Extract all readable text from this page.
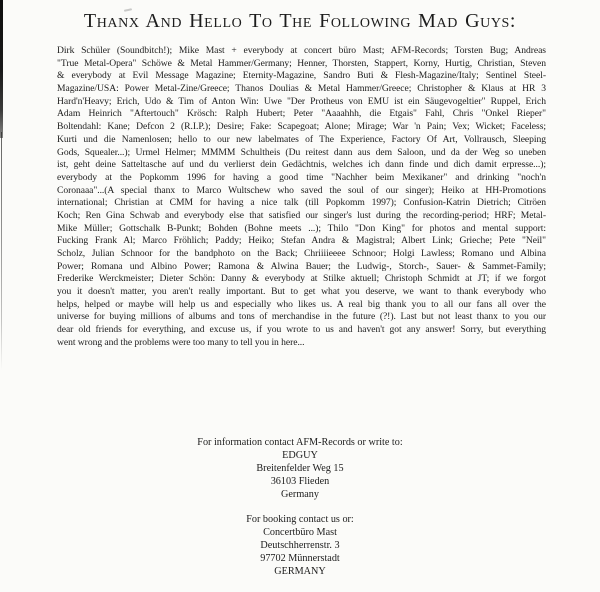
Thanx And Hello To The Following Mad Guys:
Dirk Schüler (Soundbitch!); Mike Mast + everybody at concert büro Mast; AFM-Records; Torsten Bug; Andreas
"True Metal-Opera" Schöwe & Metal Hammer/Germany; Henner, Thorsten, Stappert, Korny, Hurtig, Christian, Steven
& everybody at Evil Message Magazine; Eternity-Magazine, Sandro Buti & Flesh-Magazine/Italy; Sentinel Steel-
Magazine/USA: Power Metal-Zine/Greece; Thanos Doulias & Metal Hammer/Greece; Christopher & Klaus at HR 3
Hard'n'Heavy; Erich, Udo & Tim of Anton Win: Uwe "Der Protheus von EMU ist ein Säugevogeltier" Ruppel, Erich
Adam Heinrich "Aftertouch" Krösch: Ralph Hubert; Peter "Aaaahhh, die Etgais" Fahl, Chris "Onkel Rieper"
Boltendahl: Kane; Defcon 2 (R.I.P.); Desire; Fake: Scapegoat; Alone; Mirage; War 'n Pain; Vex; Wicket; Faceless;
Kurti und die Namenlosen; hello to our new labelmates of The Experience, Factory Of Art, Vollrausch, Sleeping
Gods, Squealer...); Urmel Helmer; MMMM Schultheis (Du reitest dann aus dem Saloon, und da der Weg so uneben
ist, geht deine Satteltasche auf und du verlierst dein Gedächtnis, welches ich dann finde und dich damit erpresse...);
everybody at the Popkomm 1996 for having a good time "Nachher beim Mexikaner" and drinking "noch'n
Coronaaa"...(A special thanx to Marco Wultschew who saved the soul of our singer); Heiko at HH-Promotions
international; Christian at CMM for having a nice talk (till Popkomm 1997); Confusion-Katrin Dietrich; Citröen
Koch; Ren Gina Schwab and everybody else that satisfied our singer's lust during the recording-period; HRF; Metal-
Mike Müller; Gottschalk B-Punkt; Bohden (Bohne meets ...); Thilo "Don King" for photos and mental support:
Fucking Frank Al; Marco Fröhlich; Paddy; Heiko; Stefan Andra & Magistral; Albert Link; Grieche; Pete "Neil"
Scholz, Julian Schnoor for the bandphoto on the Back; Chriiiieeee Schnoor; Holgi Lawless; Romano und Albina
Power; Romana und Albino Power; Ramona & Alwina Bauer; the Ludwig-, Storch-, Sauer- & Sammet-Family;
Frederike Werckmeister; Dieter Schön: Danny & everybody at Stilke aktuell; Christoph Schmidt at JT; if we forgot
you it doesn't matter, you aren't really important. But to get what you deserve, we want to thank everybody who
helps, helped or maybe will help us and especially who likes us. A real big thank you to all our fans all over the
universe for buying millions of albums and tons of merchandise in the future (?!). Last but not least thanx to you our
dear old friends for everything, and excuse us, if you wrote to us and haven't got any answer! Sorry, but everything
went wrong and the problems were too many to tell you in here...
For information contact AFM-Records or write to:
EDGUY
Breitenfelder Weg 15
36103 Flieden
Germany
For booking contact us or:
Concertbüro Mast
Deutschherrenstr. 3
97702 Münnerstadt
GERMANY
